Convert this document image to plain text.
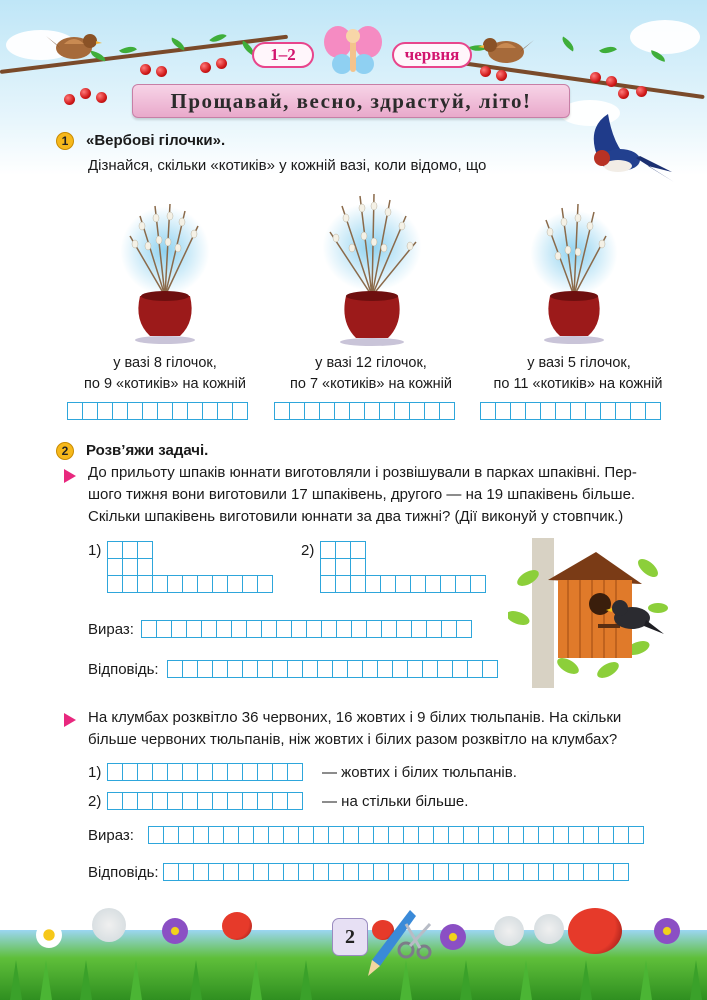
1–2	червня
Прощавай, весно, здрастуй, літо!
1	«Вербові гілочки».
Дізнайся, скільки «котиків» у кожній вазі, коли відомо, що
у вазі 8 гілочок,
по 9 «котиків» на кожній
у вазі 12 гілочок,
по 7 «котиків» на кожній
у вазі 5 гілочок,
по 11 «котиків» на кожній
2	Розв’яжи задачі.
До прильоту шпаків юннати виготовляли і розвішували в парках шпаківні. Пер-
шого тижня вони виготовили 17 шпаківень, другого — на 19 шпаківень більше.
Скільки шпаківень виготовили юннати за два тижні? (Дії виконуй у стовпчик.)
1)	2)
Вираз:
Відповідь:
На клумбах розквітло 36 червоних, 16 жовтих і 9 білих тюльпанів. На скільки
більше червоних тюльпанів, ніж жовтих і білих разом розквітло на клумбах?
1)	— жовтих і білих тюльпанів.
2)	— на стільки більше.
Вираз:
Відповідь:
2
